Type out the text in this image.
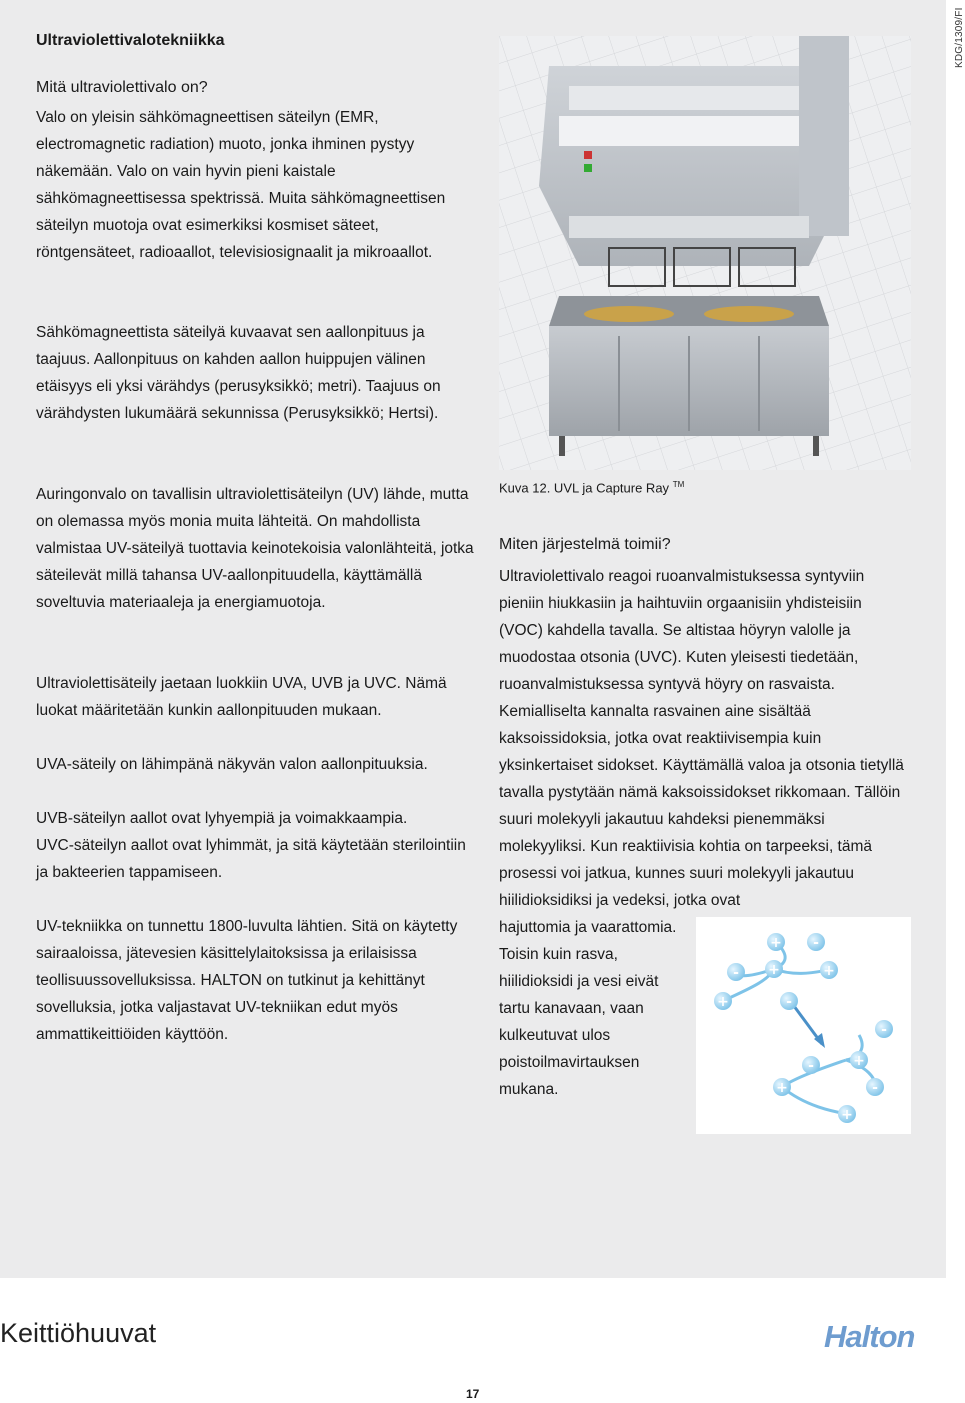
KDG/1309/FI
Ultraviolettivalotekniikka
Mitä ultraviolettivalo on?

Valo on yleisin sähkömagneettisen säteilyn (EMR, electromagnetic radiation) muoto, jonka ihminen pystyy näkemään. Valo on vain hyvin pieni kaistale sähkömagneettisessa spektrissä. Muita sähkömagneettisen säteilyn muotoja ovat esimerkiksi kosmiset säteet, röntgensäteet, radioaallot, televisiosignaalit ja mikroaallot.

Sähkömagneettista säteilyä kuvaavat sen aallonpituus ja taajuus. Aallonpituus on kahden aallon huippujen välinen etäisyys eli yksi värähdys (perusyksikkö; metri). Taajuus on värähdysten lukumäärä sekunnissa (Perusyksikkö; Hertsi).

Auringonvalo on tavallisin ultraviolettisäteilyn (UV) lähde, mutta on olemassa myös monia muita lähteitä. On mahdollista valmistaa UV-säteilyä tuottavia keinotekoisia valonlähteitä, jotka säteilevät millä tahansa UV-aallonpituudella, käyttämällä soveltuvia materiaaleja ja energiamuotoja.

Ultraviolettisäteily jaetaan luokkiin UVA, UVB ja UVC. Nämä luokat määritetään kunkin aallonpituuden mukaan.

UVA-säteily on lähimpänä näkyvän valon aallonpituuksia.

UVB-säteilyn aallot ovat lyhyempiä ja voimakkaampia.

UVC-säteilyn aallot ovat lyhimmät, ja sitä käytetään sterilointiin ja bakteerien tappamiseen.

UV-tekniikka on tunnettu 1800-luvulta lähtien. Sitä on käytetty sairaaloissa, jätevesien käsittelylaitoksissa ja erilaisissa teollisuussovelluksissa. HALTON on tutkinut ja kehittänyt sovelluksia, jotka valjastavat UV-tekniikan edut myös ammattikeittiöiden käyttöön.

Kuva 12. UVL ja Capture Ray ™

Miten järjestelmä toimii?

Ultraviolettivalo reagoi ruoanvalmistuksessa syntyviin pieniin hiukkasiin ja haihtuviin orgaanisiin yhdisteisiin (VOC) kahdella tavalla. Se altistaa höyryn valolle ja muodostaa otsonia (UVC). Kuten yleisesti tiedetään, ruoanvalmistuksessa syntyvä höyry on rasvaista. Kemialliselta kannalta rasvainen aine sisältää kaksoissidoksia, jotka ovat reaktiivisempia kuin yksinkertaiset sidokset. Käyttämällä valoa ja otsonia tietyllä tavalla pystytään nämä kaksoissidokset rikkomaan. Tällöin suuri molekyyli jakautuu kahdeksi pienemmäksi molekyyliksi. Kun reaktiivisia kohtia on tarpeeksi, tämä prosessi voi jatkua, kunnes suuri molekyyli jakautuu hiilidioksidiksi ja vedeksi, jotka ovat

hajuttomia ja vaarattomia.
Toisin kuin rasva,
hiilidioksidi ja vesi eivät
tartu kanavaan, vaan
kulkeutuvat ulos
poistoilmavirtauksen
mukana.
+ -
- +	+
+	-
-
-	+
+	-
+
Keittiöhuuvat	Halton
17
